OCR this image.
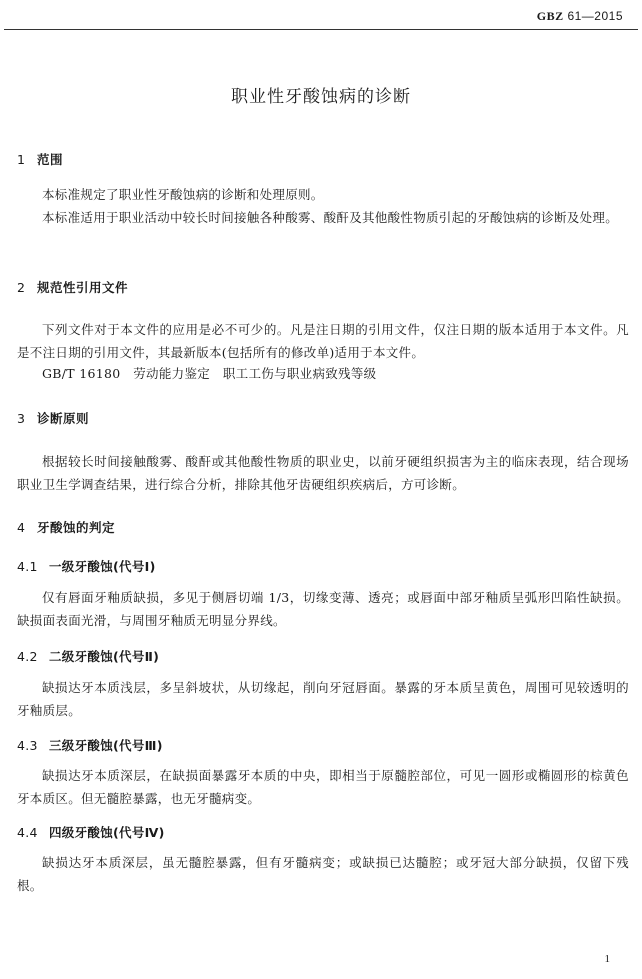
GBZ 61—2015
职业性牙酸蚀病的诊断
1 范围

本标准规定了职业性牙酸蚀病的诊断和处理原则。

本标准适用于职业活动中较长时间接触各种酸雾、酸酐及其他酸性物质引起的牙酸蚀病的诊断及处理。

2 规范性引用文件

下列文件对于本文件的应用是必不可少的。凡是注日期的引用文件，仅注日期的版本适用于本文件。凡是不注日期的引用文件，其最新版本(包括所有的修改单)适用于本文件。

GB/T 16180　劳动能力鉴定　职工工伤与职业病致残等级

3 诊断原则

根据较长时间接触酸雾、酸酐或其他酸性物质的职业史，以前牙硬组织损害为主的临床表现，结合现场职业卫生学调查结果，进行综合分析，排除其他牙齿硬组织疾病后，方可诊断。

4 牙酸蚀的判定
4.1 一级牙酸蚀(代号Ⅰ)

仅有唇面牙釉质缺损，多见于侧唇切端 1/3，切缘变薄、透亮；或唇面中部牙釉质呈弧形凹陷性缺损。缺损面表面光滑，与周围牙釉质无明显分界线。

4.2 二级牙酸蚀(代号Ⅱ)

缺损达牙本质浅层，多呈斜坡状，从切缘起，削向牙冠唇面。暴露的牙本质呈黄色，周围可见较透明的牙釉质层。

4.3 三级牙酸蚀(代号Ⅲ)

缺损达牙本质深层，在缺损面暴露牙本质的中央，即相当于原髓腔部位，可见一圆形或椭圆形的棕黄色牙本质区。但无髓腔暴露，也无牙髓病变。

4.4 四级牙酸蚀(代号Ⅳ)

缺损达牙本质深层，虽无髓腔暴露，但有牙髓病变；或缺损已达髓腔；或牙冠大部分缺损，仅留下残根。

1
